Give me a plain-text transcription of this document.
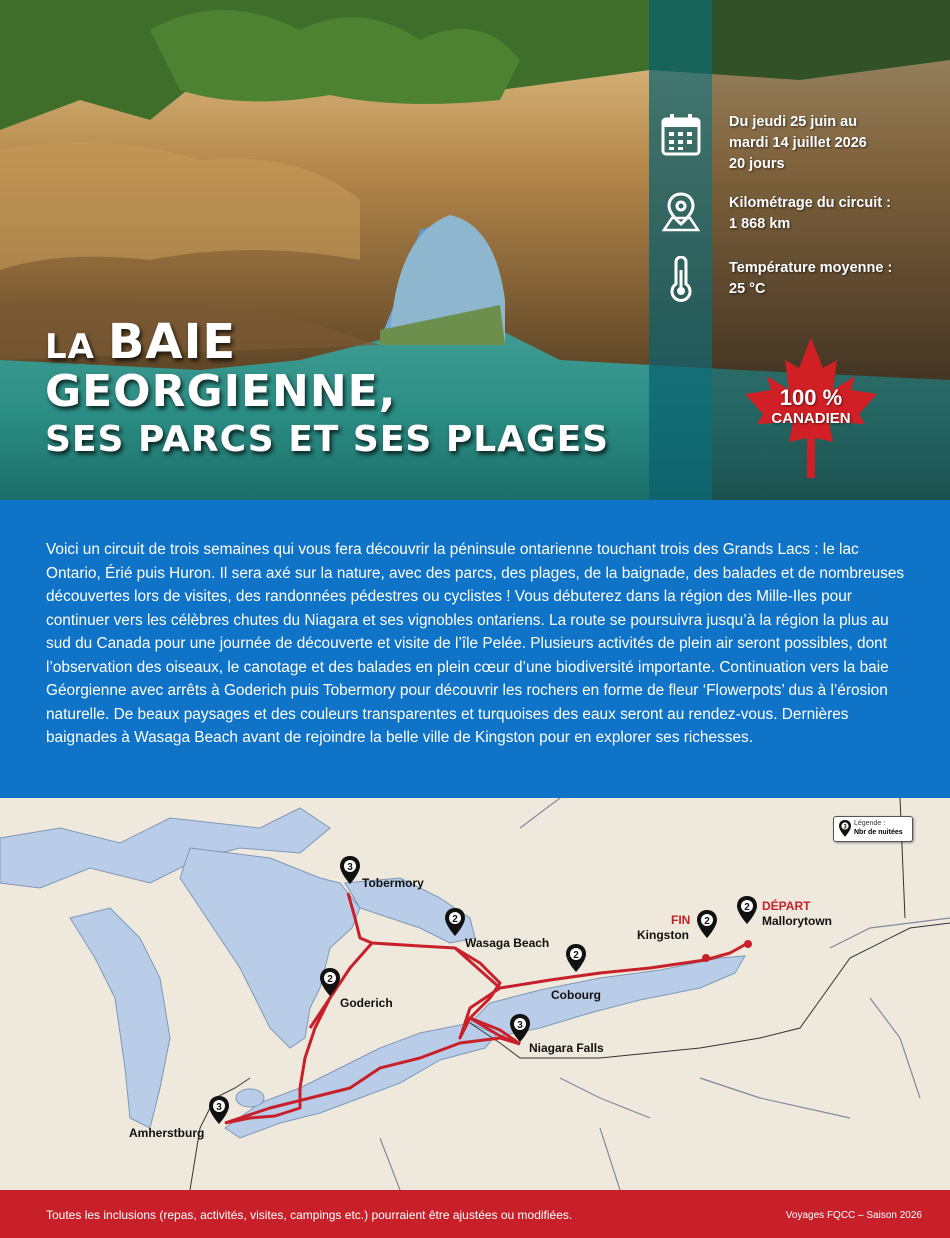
LA BAIE
GEORGIENNE,
SES PARCS ET SES PLAGES
Du jeudi 25 juin au
mardi 14 juillet 2026
20 jours
Kilométrage du circuit :
1 868 km
Température moyenne :
25 °C
100 %
CANADIEN

Voici un circuit de trois semaines qui vous fera découvrir la péninsule ontarienne touchant trois des Grands Lacs : le lac Ontario, Érié puis Huron. Il sera axé sur la nature, avec des parcs, des plages, de la baignade, des balades et de nombreuses découvertes lors de visites, des randonnées pédestres ou cyclistes ! Vous débuterez dans la région des Mille-Iles pour continuer vers les célèbres chutes du Niagara et ses vignobles ontariens. La route se poursuivra jusqu’à la région la plus au sud du Canada pour une journée de découverte et visite de l’île Pelée. Plusieurs activités de plein air seront possibles, dont l’observation des oiseaux, le canotage et des balades en plein cœur d’une biodiversité importante. Continuation vers la baie Géorgienne avec arrêts à Goderich puis Tobermory pour découvrir les rochers en forme de fleur ‘Flowerpots’ dus à l’érosion naturelle. De beaux paysages et des couleurs transparentes et turquoises des eaux seront au rendez-vous. Dernières baignades à Wasaga Beach avant de rejoindre la belle ville de Kingston pour en explorer ses richesses.

3
2
2
2
3
3
2
2
Tobermory
Wasaga Beach
Goderich
Cobourg
Niagara Falls
Amherstburg
FIN
Kingston
DÉPART
Mallorytown
3
Légende :
Nbr de nuitées
Toutes les inclusions (repas, activités, visites, campings etc.) pourraient être ajustées ou modifiées.	Voyages FQCC – Saison 2026
